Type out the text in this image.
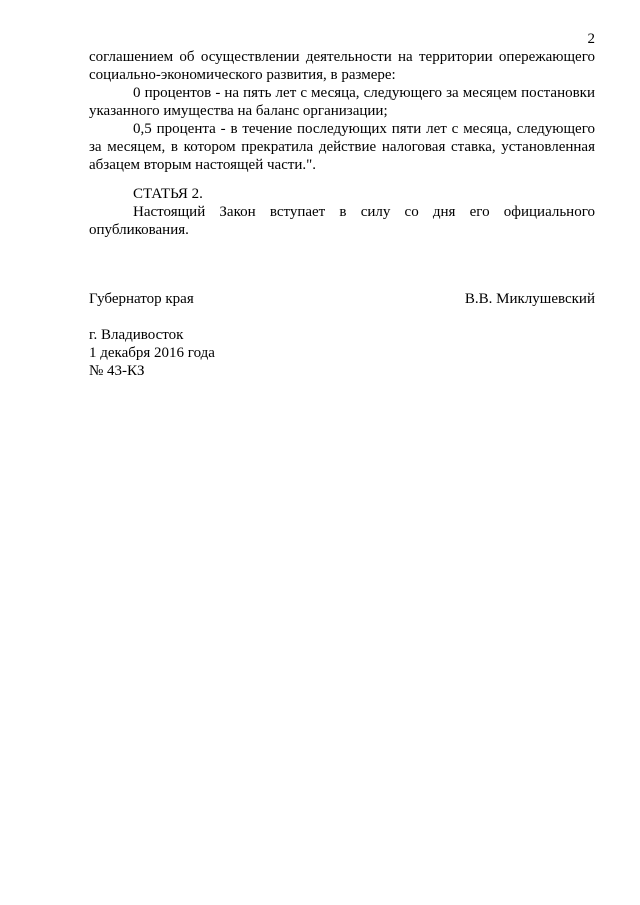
2

соглашением об осуществлении деятельности на территории опережающего социально-экономического развития, в размере:

0 процентов - на пять лет с месяца, следующего за месяцем постановки указанного имущества на баланс организации;

0,5 процента - в течение последующих пяти лет с месяца, следующего за месяцем, в котором прекратила действие налоговая ставка, установленная абзацем вторым настоящей части.".

СТАТЬЯ 2.

Настоящий Закон вступает в силу со дня его официального опубликования.

Губернатор края	В.В. Миклушевский
г. Владивосток
1 декабря 2016 года
№ 43-КЗ
